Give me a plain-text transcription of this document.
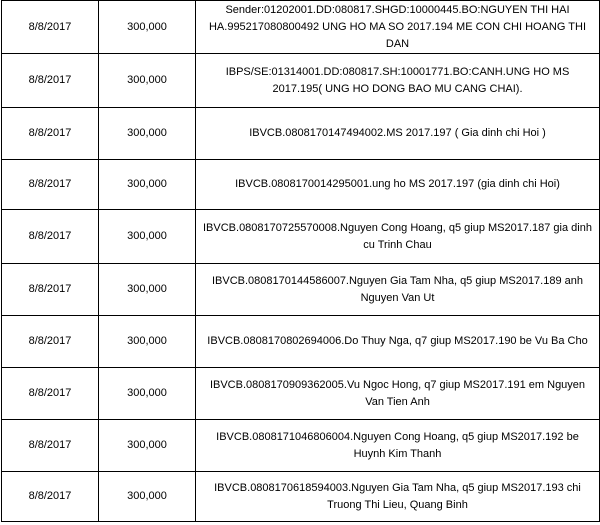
8/8/2017	300,000	Sender:01202001.DD:080817.SHGD:10000445.BO:NGUYEN THI HAI HA.995217080800492 UNG HO MA SO 2017.194 ME CON CHI HOANG THI DAN
8/8/2017	300,000	IBPS/SE:01314001.DD:080817.SH:10001771.BO:CANH.UNG HO MS 2017.195( UNG HO DONG BAO MU CANG CHAI).
8/8/2017	300,000	IBVCB.0808170147494002.MS 2017.197 ( Gia dinh chi Hoi )
8/8/2017	300,000	IBVCB.0808170014295001.ung ho MS 2017.197 (gia dinh chi Hoi)
8/8/2017	300,000	IBVCB.0808170725570008.Nguyen Cong Hoang, q5 giup MS2017.187 gia dinh cu Trinh Chau
8/8/2017	300,000	IBVCB.0808170144586007.Nguyen Gia Tam Nha, q5 giup MS2017.189 anh Nguyen Van Ut
8/8/2017	300,000	IBVCB.0808170802694006.Do Thuy Nga, q7 giup MS2017.190 be Vu Ba Cho
8/8/2017	300,000	IBVCB.0808170909362005.Vu Ngoc Hong, q7 giup MS2017.191 em Nguyen Van Tien Anh
8/8/2017	300,000	IBVCB.0808171046806004.Nguyen Cong Hoang, q5 giup MS2017.192 be Huynh Kim Thanh
8/8/2017	300,000	IBVCB.0808170618594003.Nguyen Gia Tam Nha, q5 giup MS2017.193 chi Truong Thi Lieu, Quang Binh
